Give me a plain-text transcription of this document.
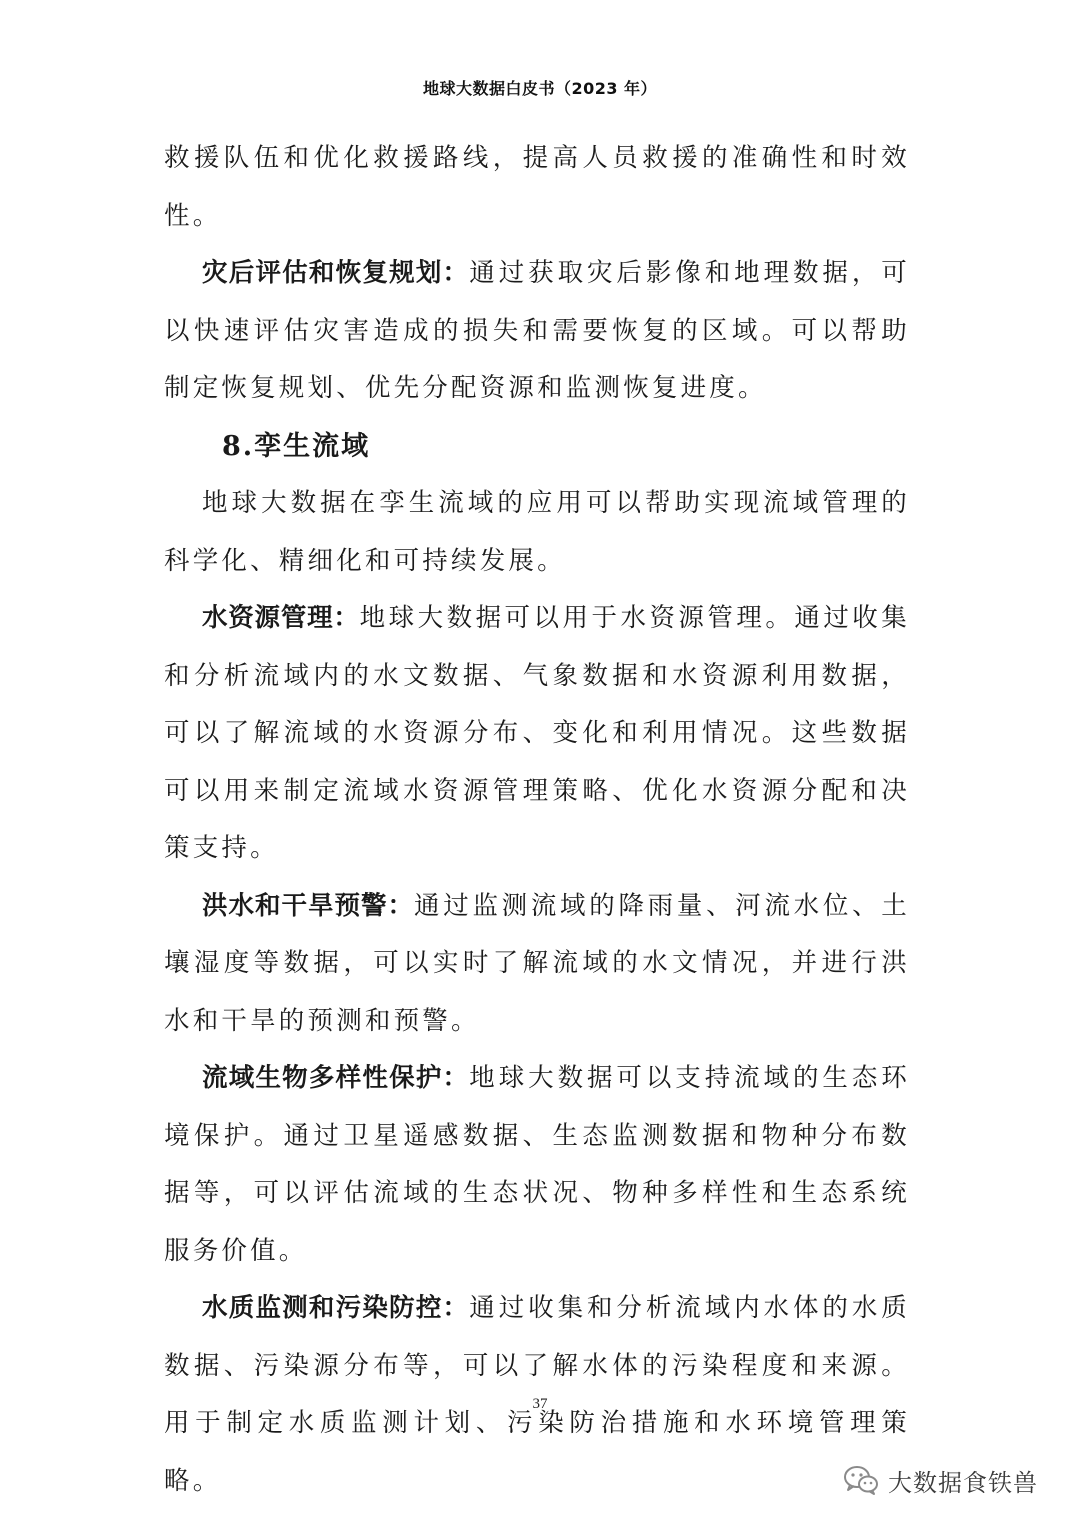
地球大数据白皮书（2023 年）

救援队伍和优化救援路线，提高人员救援的准确性和时效性。

灾后评估和恢复规划：通过获取灾后影像和地理数据，可以快速评估灾害造成的损失和需要恢复的区域。可以帮助制定恢复规划、优先分配资源和监测恢复进度。

8.孪生流域

地球大数据在孪生流域的应用可以帮助实现流域管理的科学化、精细化和可持续发展。

水资源管理：地球大数据可以用于水资源管理。通过收集和分析流域内的水文数据、气象数据和水资源利用数据，可以了解流域的水资源分布、变化和利用情况。这些数据可以用来制定流域水资源管理策略、优化水资源分配和决策支持。

洪水和干旱预警：通过监测流域的降雨量、河流水位、土壤湿度等数据，可以实时了解流域的水文情况，并进行洪水和干旱的预测和预警。

流域生物多样性保护：地球大数据可以支持流域的生态环境保护。通过卫星遥感数据、生态监测数据和物种分布数据等，可以评估流域的生态状况、物种多样性和生态系统服务价值。

水质监测和污染防控：通过收集和分析流域内水体的水质数据、污染源分布等，可以了解水体的污染程度和来源。用于制定水质监测计划、污染防治措施和水环境管理策略。

37
大数据食铁兽
